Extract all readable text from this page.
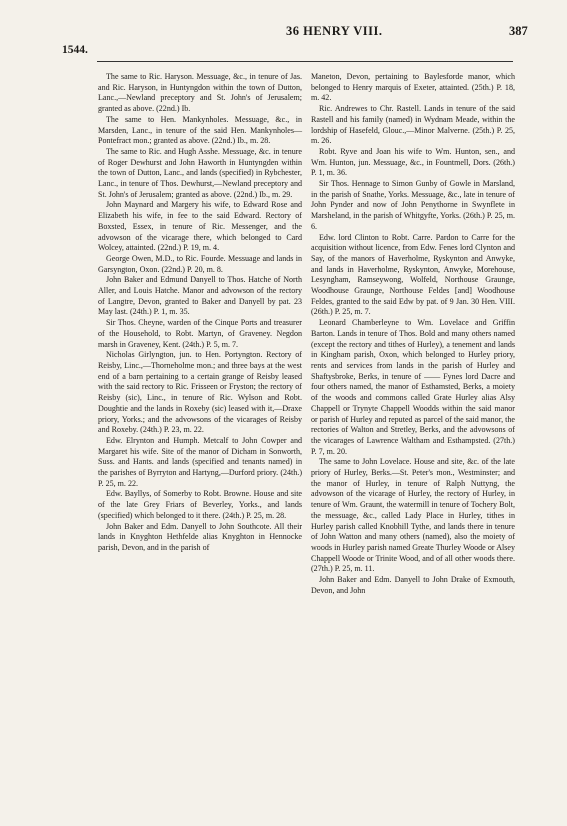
36 HENRY VIII.	387
1544.

The same to Ric. Haryson. Messuage, &c., in tenure of Jas. and Ric. Haryson, in Huntyngdon within the town of Dutton, Lanc.,—Newland preceptory and St. John's of Jerusalem; granted as above. (22nd.) Ib.

The same to Hen. Mankynholes. Messuage, &c., in Marsden, Lanc., in tenure of the said Hen. Mankynholes—Pontefract mon.; granted as above. (22nd.) Ib., m. 28.

The same to Ric. and Hugh Asshe. Messuage, &c. in tenure of Roger Dewhurst and John Haworth in Huntyngden within the town of Dutton, Lanc., and lands (specified) in Rybchester, Lanc., in tenure of Thos. Dewhurst,—Newland preceptory and St. John's of Jerusalem; granted as above. (22nd.) Ib., m. 29.

John Maynard and Margery his wife, to Edward Rose and Elizabeth his wife, in fee to the said Edward. Rectory of Boxsted, Essex, in tenure of Ric. Messenger, and the advowson of the vicarage there, which belonged to Card Wolcey, attainted. (22nd.) P. 19, m. 4.

George Owen, M.D., to Ric. Fourde. Messuage and lands in Garsyngton, Oxon. (22nd.) P. 20, m. 8.

John Baker and Edmund Danyell to Thos. Hatche of North Aller, and Louis Hatche. Manor and advowson of the rectory of Langtre, Devon, granted to Baker and Danyell by pat. 23 May last. (24th.) P. 1, m. 35.

Sir Thos. Cheyne, warden of the Cinque Ports and treasurer of the Household, to Robt. Martyn, of Graveney. Negdon marsh in Graveney, Kent. (24th.) P. 5, m. 7.

Nicholas Girlyngton, jun. to Hen. Portyngton. Rectory of Reisby, Linc.,—Thorneholme mon.; and three bays at the west end of a barn pertaining to a certain grange of Reisby leased with the said rectory to Ric. Frisseen or Fryston; the rectory of Reisby (sic), Linc., in tenure of Ric. Wylson and Robt. Doughtie and the lands in Roxeby (sic) leased with it,—Draxe priory, Yorks.; and the advowsons of the vicarages of Reisby and Roxeby. (24th.) P. 23, m. 22.

Edw. Elrynton and Humph. Metcalf to John Cowper and Margaret his wife. Site of the manor of Dicham in Sonworth, Suss. and Hants. and lands (specified and tenants named) in the parishes of Byrryton and Hartyng,—Durford priory. (24th.) P. 25, m. 22.

Edw. Bayllys, of Somerby to Robt. Browne. House and site of the late Grey Friars of Beverley, Yorks., and lands (specified) which belonged to it there. (24th.) P. 25, m. 28.

John Baker and Edm. Danyell to John Southcote. All their lands in Knyghton Hethfelde alias Knyghton in Hennocke parish, Devon, and in the parish of

Maneton, Devon, pertaining to Baylesforde manor, which belonged to Henry marquis of Exeter, attainted. (25th.) P. 18, m. 42.

Ric. Andrewes to Chr. Rastell. Lands in tenure of the said Rastell and his family (named) in Wydnam Meade, within the lordship of Hasefeld, Glouc.,—Minor Malverne. (25th.) P. 25, m. 26.

Robt. Ryve and Joan his wife to Wm. Hunton, sen., and Wm. Hunton, jun. Messuage, &c., in Fountmell, Dors. (26th.) P. 1, m. 36.

Sir Thos. Hennage to Simon Gunby of Gowle in Marsland, in the parish of Snathe, Yorks. Messuage, &c., late in tenure of John Pynder and now of John Penythorne in Swynflete in Marsheland, in the parish of Whitgyfte, Yorks. (26th.) P. 25, m. 6.

Edw. lord Clinton to Robt. Carre. Pardon to Carre for the acquisition without licence, from Edw. Fenes lord Clynton and Say, of the manors of Haverholme, Ryskynton and Anwyke, and lands in Haverholme, Ryskynton, Anwyke, Morehouse, Lesyngham, Ramseywong, Wolfeld, Northouse Graunge, Woodhouse Graunge, Northouse Feldes [and] Woodhouse Feldes, granted to the said Edw by pat. of 9 Jan. 30 Hen. VIII. (26th.) P. 25, m. 7.

Leonard Chamberleyne to Wm. Lovelace and Griffin Barton. Lands in tenure of Thos. Bold and many others named (except the rectory and tithes of Hurley), a tenement and lands in Kingham parish, Oxon, which belonged to Hurley priory, rents and services from lands in the parish of Hurley and Shaftysbroke, Berks, in tenure of —— Fynes lord Dacre and four others named, the manor of Esthamsted, Berks, a moiety of the woods and commons called Grate Hurley alias Alsy Chappell or Trynyte Chappell Woodds within the said manor or parish of Hurley and reputed as parcel of the said manor, the rectories of Walton and Stretley, Berks, and the advowsons of the vicarages of Lawrence Waltham and Esthampsted. (27th.) P. 7, m. 20.

The same to John Lovelace. House and site, &c. of the late priory of Hurley, Berks.—St. Peter's mon., Westminster; and the manor of Hurley, in tenure of Ralph Nuttyng, the advowson of the vicarage of Hurley, the rectory of Hurley, in tenure of Wm. Graunt, the watermill in tenure of Tochery Bolt, the messuage, &c., called Lady Place in Hurley, tithes in Hurley parish called Knobhill Tythe, and lands there in tenure of John Watton and many others (named), also the moiety of woods in Hurley parish named Greate Thurley Woode or Alsey Chappell Woode or Trinite Wood, and of all other woods there. (27th.) P. 25, m. 11.

John Baker and Edm. Danyell to John Drake of Exmouth, Devon, and John
